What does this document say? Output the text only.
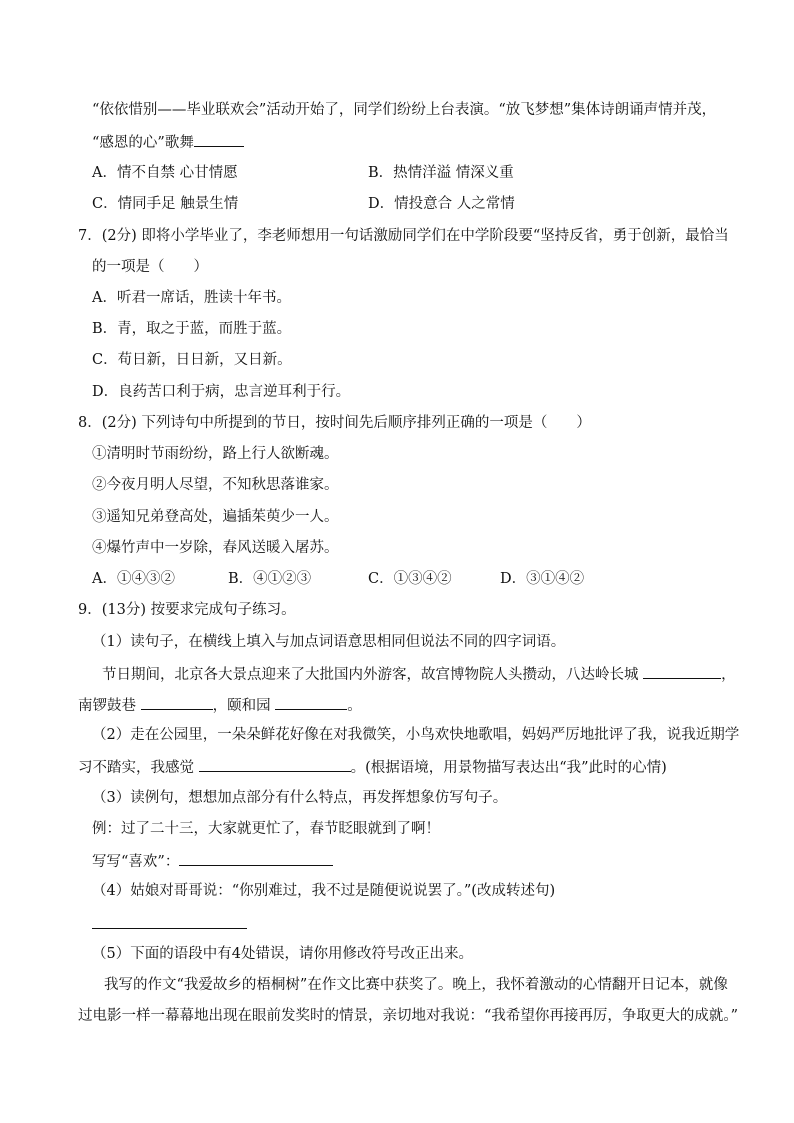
“依依惜别——毕业联欢会”活动开始了，同学们纷纷上台表演。“放飞梦想”集体诗朗诵声情并茂，
“感恩的心”歌舞
A．情不自禁 心甘情愿	B．热情洋溢 情深义重
C．情同手足 触景生情	D．情投意合 人之常情
7．(2分) 即将小学毕业了，李老师想用一句话激励同学们在中学阶段要“坚持反省，勇于创新，最恰当
的一项是（　　）
A．听君一席话，胜读十年书。
B．青，取之于蓝，而胜于蓝。
C．苟日新，日日新，又日新。
D．良药苦口利于病，忠言逆耳利于行。
8．(2分) 下列诗句中所提到的节日，按时间先后顺序排列正确的一项是（　　）
①清明时节雨纷纷，路上行人欲断魂。
②今夜月明人尽望，不知秋思落谁家。
③遥知兄弟登高处，遍插茱萸少一人。
④爆竹声中一岁除，春风送暖入屠苏。
A．①④③②	B．④①②③	C．①③④②	D．③①④②
9．(13分) 按要求完成句子练习。
（1）读句子，在横线上填入与加点词语意思相同但说法不同的四字词语。
节日期间，北京各大景点迎来了大批国内外游客，故宫博物院人头攒动，八达岭长城	，
南锣鼓巷	，颐和园	。
（2）走在公园里，一朵朵鲜花好像在对我微笑，小鸟欢快地歌唱，妈妈严厉地批评了我，说我近期学
习不踏实，我感觉	。(根据语境，用景物描写表达出“我”此时的心情)
（3）读例句，想想加点部分有什么特点，再发挥想象仿写句子。
例：过了二十三，大家就更忙了，春节眨眼就到了啊！
写写“喜欢”：
（4）姑娘对哥哥说：“你别难过，我不过是随便说说罢了。”(改成转述句)
（5）下面的语段中有4处错误，请你用修改符号改正出来。
我写的作文“我爱故乡的梧桐树”在作文比赛中获奖了。晚上，我怀着激动的心情翻开日记本，就像
过电影一样一幕幕地出现在眼前发奖时的情景，亲切地对我说：“我希望你再接再厉，争取更大的成就。”
